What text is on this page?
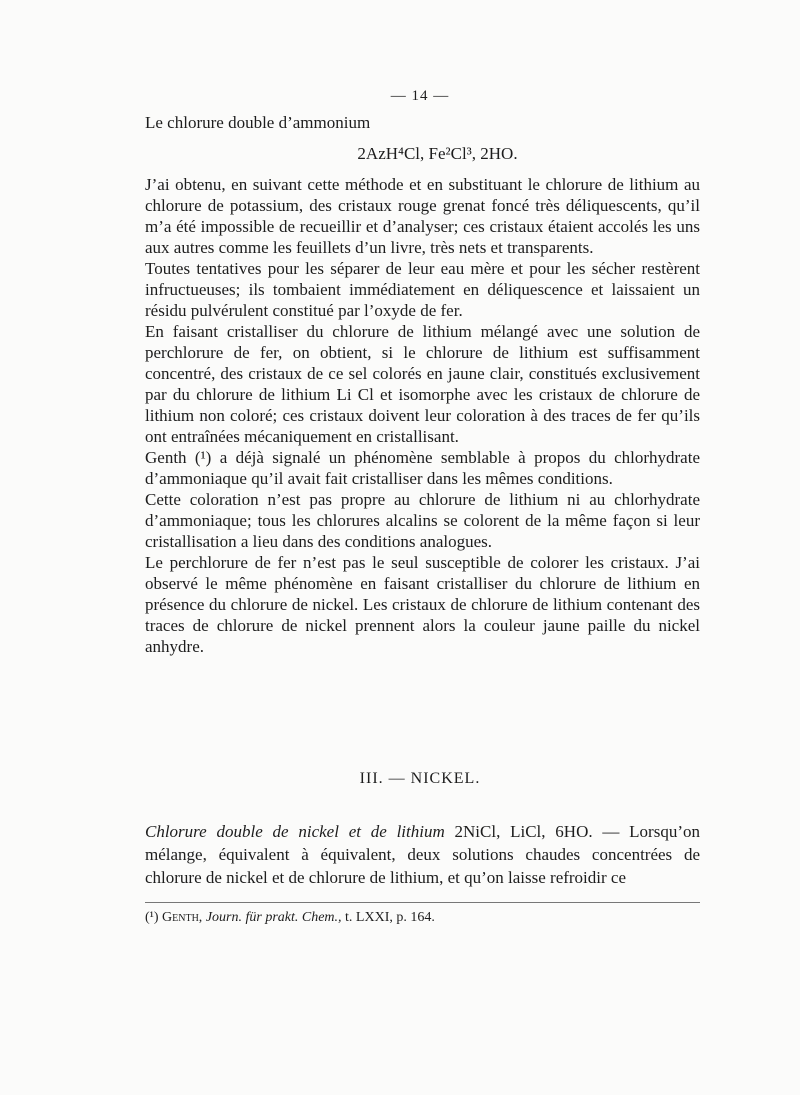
— 14 —

Le chlorure double d’ammonium

2AzH⁴Cl, Fe²Cl³, 2HO.

J’ai obtenu, en suivant cette méthode et en substituant le chlorure de lithium au chlorure de potassium, des cristaux rouge grenat foncé très déliquescents, qu’il m’a été impossible de recueillir et d’analyser; ces cristaux étaient accolés les uns aux autres comme les feuillets d’un livre, très nets et transparents.

Toutes tentatives pour les séparer de leur eau mère et pour les sécher restèrent infructueuses; ils tombaient immédiatement en déliquescence et laissaient un résidu pulvérulent constitué par l’oxyde de fer.

En faisant cristalliser du chlorure de lithium mélangé avec une solution de perchlorure de fer, on obtient, si le chlorure de lithium est suffisamment concentré, des cristaux de ce sel colorés en jaune clair, constitués exclusivement par du chlorure de lithium Li Cl et isomorphe avec les cristaux de chlorure de lithium non coloré; ces cristaux doivent leur coloration à des traces de fer qu’ils ont entraînées mécaniquement en cristallisant.

Genth (¹) a déjà signalé un phénomène semblable à propos du chlorhydrate d’ammoniaque qu’il avait fait cristalliser dans les mêmes conditions.

Cette coloration n’est pas propre au chlorure de lithium ni au chlorhydrate d’ammoniaque; tous les chlorures alcalins se colorent de la même façon si leur cristallisation a lieu dans des conditions analogues.

Le perchlorure de fer n’est pas le seul susceptible de colorer les cristaux. J’ai observé le même phénomène en faisant cristalliser du chlorure de lithium en présence du chlorure de nickel. Les cristaux de chlorure de lithium contenant des traces de chlorure de nickel prennent alors la couleur jaune paille du nickel anhydre.

III. — NICKEL.

Chlorure double de nickel et de lithium 2NiCl, LiCl, 6HO. — Lorsqu’on mélange, équivalent à équivalent, deux solutions chaudes concentrées de chlorure de nickel et de chlorure de lithium, et qu’on laisse refroidir ce

(¹) Genth, Journ. für prakt. Chem., t. LXXI, p. 164.
